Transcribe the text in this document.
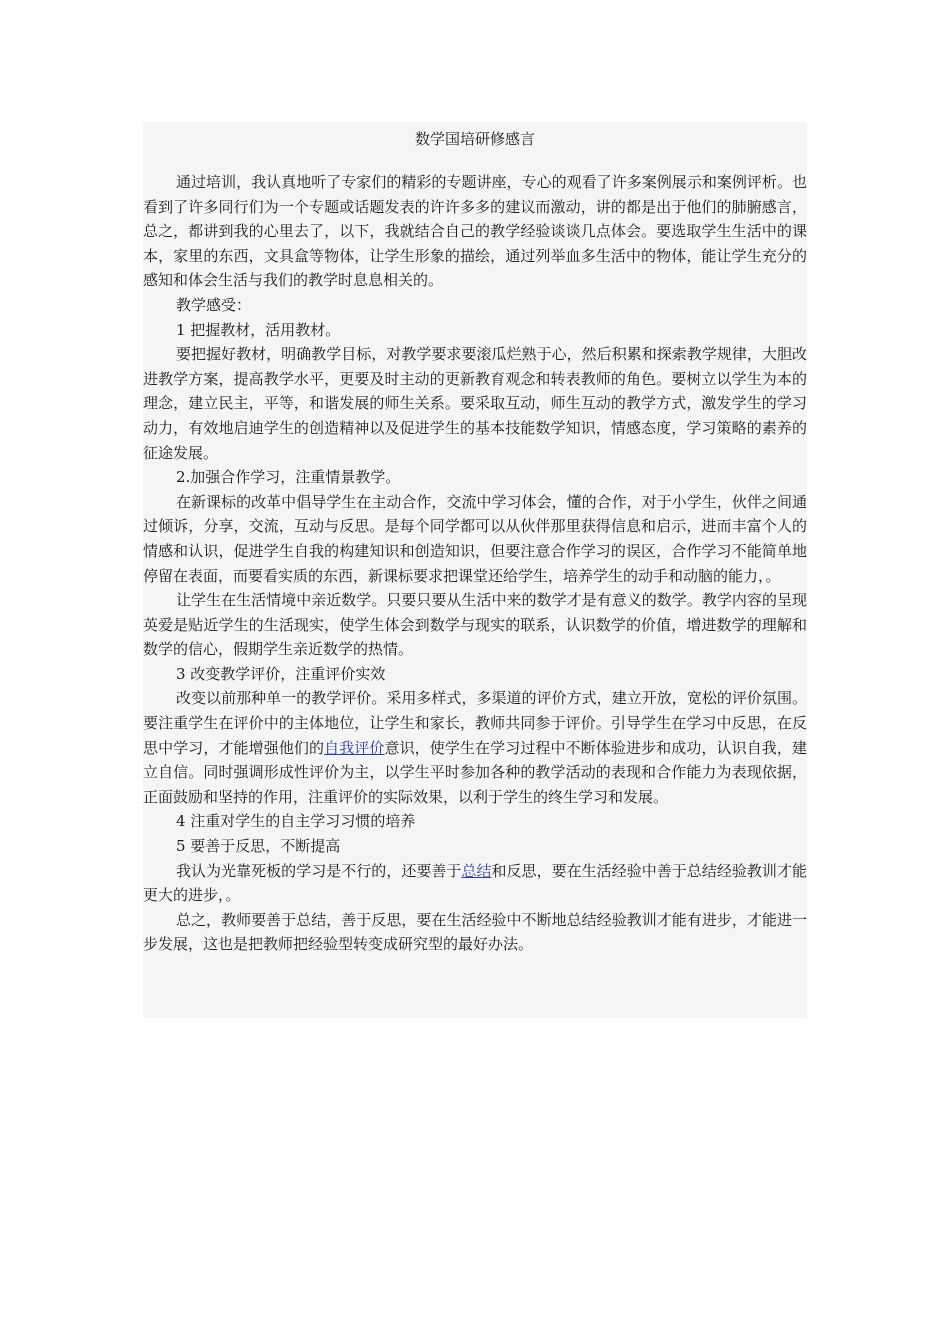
数学国培研修感言

通过培训，我认真地听了专家们的精彩的专题讲座，专心的观看了许多案例展示和案例评析。也看到了许多同行们为一个专题或话题发表的许许多多的建议而激动，讲的都是出于他们的肺腑感言，总之，都讲到我的心里去了，以下，我就结合自己的教学经验谈谈几点体会。要选取学生生活中的课本，家里的东西，文具盒等物体，让学生形象的描绘，通过列举血多生活中的物体，能让学生充分的感知和体会生活与我们的教学时息息相关的。

教学感受：

1 把握教材，活用教材。

要把握好教材，明确教学目标，对教学要求要滚瓜烂熟于心，然后积累和探索教学规律，大胆改进教学方案，提高教学水平，更要及时主动的更新教育观念和转表教师的角色。要树立以学生为本的理念，建立民主，平等，和谐发展的师生关系。要采取互动，师生互动的教学方式，激发学生的学习动力，有效地启迪学生的创造精神以及促进学生的基本技能数学知识，情感态度，学习策略的素养的征途发展。

2.加强合作学习，注重情景教学。

在新课标的改革中倡导学生在主动合作，交流中学习体会，懂的合作，对于小学生，伙伴之间通过倾诉，分享，交流，互动与反思。是每个同学都可以从伙伴那里获得信息和启示，进而丰富个人的情感和认识，促进学生自我的构建知识和创造知识，但要注意合作学习的误区，合作学习不能简单地停留在表面，而要看实质的东西，新课标要求把课堂还给学生，培养学生的动手和动脑的能力，。

让学生在生活情境中亲近数学。只要只要从生活中来的数学才是有意义的数学。教学内容的呈现英爱是贴近学生的生活现实，使学生体会到数学与现实的联系，认识数学的价值，增进数学的理解和数学的信心，假期学生亲近数学的热情。

3 改变教学评价，注重评价实效

改变以前那种单一的教学评价。采用多样式，多渠道的评价方式，建立开放，宽松的评价氛围。要注重学生在评价中的主体地位，让学生和家长，教师共同参于评价。引导学生在学习中反思，在反思中学习，才能增强他们的自我评价意识，使学生在学习过程中不断体验进步和成功，认识自我，建立自信。同时强调形成性评价为主，以学生平时参加各种的教学活动的表现和合作能力为表现依据，正面鼓励和坚持的作用，注重评价的实际效果，以利于学生的终生学习和发展。

4 注重对学生的自主学习习惯的培养

5 要善于反思，不断提高

我认为光靠死板的学习是不行的，还要善于总结和反思，要在生活经验中善于总结经验教训才能更大的进步，。

总之，教师要善于总结，善于反思，要在生活经验中不断地总结经验教训才能有进步，才能进一步发展，这也是把教师把经验型转变成研究型的最好办法。
